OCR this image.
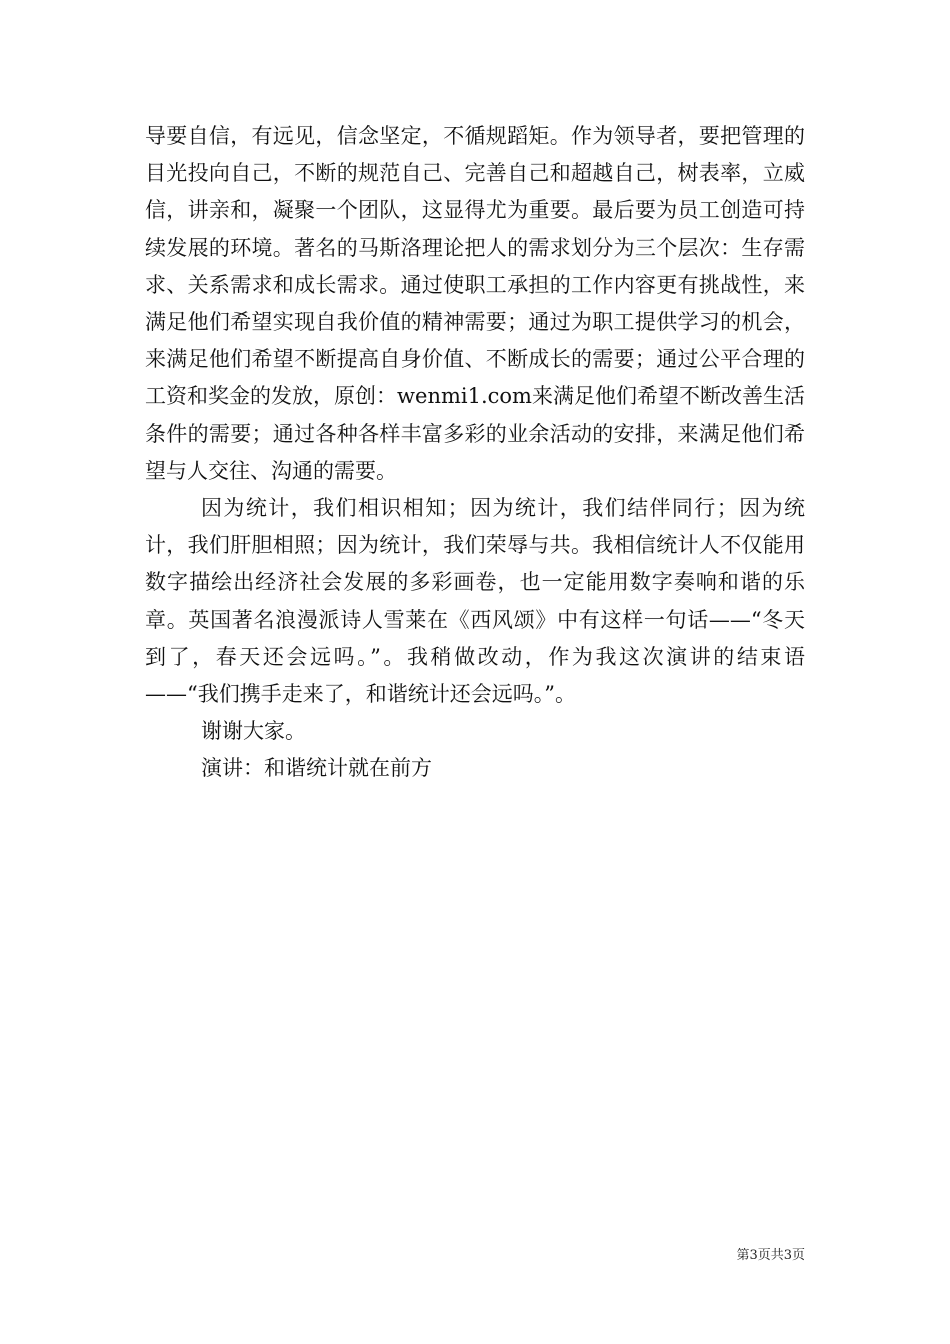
导要自信，有远见，信念坚定，不循规蹈矩。作为领导者，要把管理的目光投向自己，不断的规范自己、完善自己和超越自己，树表率，立威信，讲亲和，凝聚一个团队，这显得尤为重要。最后要为员工创造可持续发展的环境。著名的马斯洛理论把人的需求划分为三个层次：生存需求、关系需求和成长需求。通过使职工承担的工作内容更有挑战性，来满足他们希望实现自我价值的精神需要；通过为职工提供学习的机会，来满足他们希望不断提高自身价值、不断成长的需要；通过公平合理的工资和奖金的发放，原创：wenmi1.com来满足他们希望不断改善生活条件的需要；通过各种各样丰富多彩的业余活动的安排，来满足他们希望与人交往、沟通的需要。

因为统计，我们相识相知；因为统计，我们结伴同行；因为统计，我们肝胆相照；因为统计，我们荣辱与共。我相信统计人不仅能用数字描绘出经济社会发展的多彩画卷，也一定能用数字奏响和谐的乐章。英国著名浪漫派诗人雪莱在《西风颂》中有这样一句话——“冬天到了，春天还会远吗。”。我稍做改动，作为我这次演讲的结束语——“我们携手走来了，和谐统计还会远吗。”。

谢谢大家。

演讲：和谐统计就在前方

第3页共3页
